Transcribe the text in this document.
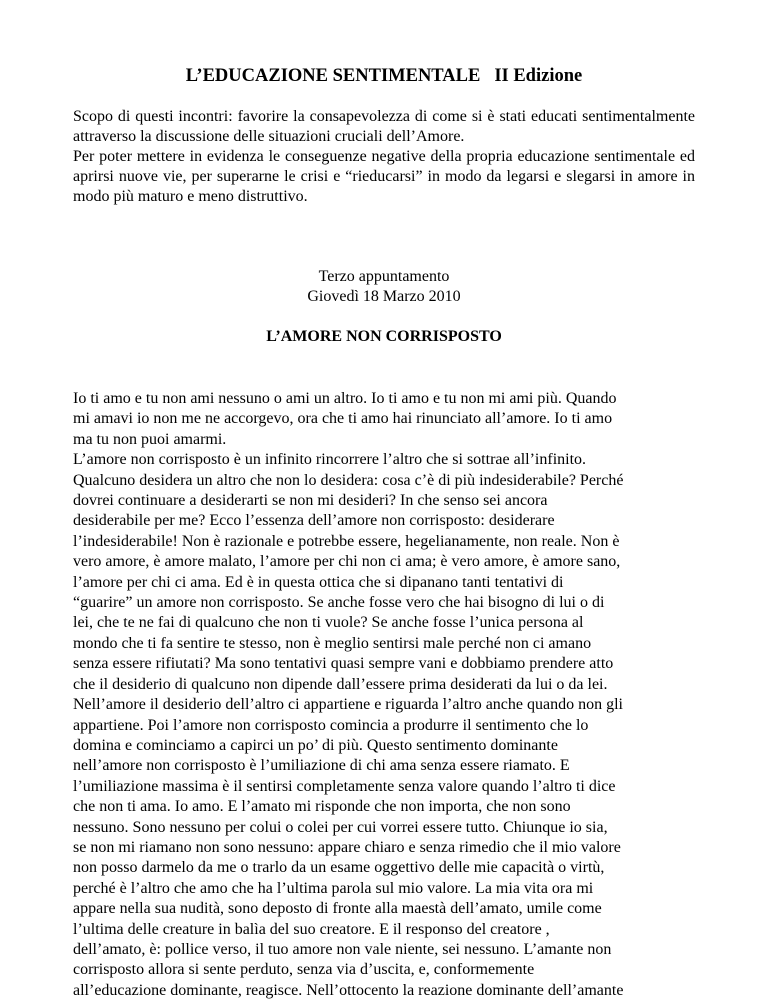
L’EDUCAZIONE SENTIMENTALE II Edizione

Scopo di questi incontri: favorire la consapevolezza di come si è stati educati sentimentalmente attraverso la discussione delle situazioni cruciali dell’Amore.

Per poter mettere in evidenza le conseguenze negative della propria educazione sentimentale ed aprirsi nuove vie, per superarne le crisi e “rieducarsi” in modo da legarsi e slegarsi in amore in modo più maturo e meno distruttivo.

Terzo appuntamento
Giovedì 18 Marzo 2010
L’AMORE NON CORRISPOSTO
Io ti amo e tu non ami nessuno o ami un altro. Io ti amo e tu non mi ami più. Quando
mi amavi io non me ne accorgevo, ora che ti amo hai rinunciato all’amore. Io ti amo
ma tu non puoi amarmi.
L’amore non corrisposto è un infinito rincorrere l’altro che si sottrae all’infinito.
Qualcuno desidera un altro che non lo desidera: cosa c’è di più indesiderabile? Perché
dovrei continuare a desiderarti se non mi desideri? In che senso sei ancora
desiderabile per me? Ecco l’essenza dell’amore non corrisposto: desiderare
l’indesiderabile! Non è razionale e potrebbe essere, hegelianamente, non reale. Non è
vero amore, è amore malato, l’amore per chi non ci ama; è vero amore, è amore sano,
l’amore per chi ci ama. Ed è in questa ottica che si dipanano tanti tentativi di
“guarire” un amore non corrisposto. Se anche fosse vero che hai bisogno di lui o di
lei, che te ne fai di qualcuno che non ti vuole? Se anche fosse l’unica persona al
mondo che ti fa sentire te stesso, non è meglio sentirsi male perché non ci amano
senza essere rifiutati? Ma sono tentativi quasi sempre vani e dobbiamo prendere atto
che il desiderio di qualcuno non dipende dall’essere prima desiderati da lui o da lei.
Nell’amore il desiderio dell’altro ci appartiene e riguarda l’altro anche quando non gli
appartiene. Poi l’amore non corrisposto comincia a produrre il sentimento che lo
domina e cominciamo a capirci un po’ di più. Questo sentimento dominante
nell’amore non corrisposto è l’umiliazione di chi ama senza essere riamato. E
l’umiliazione massima è il sentirsi completamente senza valore quando l’altro ti dice
che non ti ama. Io amo. E l’amato mi risponde che non importa, che non sono
nessuno. Sono nessuno per colui o colei per cui vorrei essere tutto. Chiunque io sia,
se non mi riamano non sono nessuno: appare chiaro e senza rimedio che il mio valore
non posso darmelo da me o trarlo da un esame oggettivo delle mie capacità o virtù,
perché è l’altro che amo che ha l’ultima parola sul mio valore. La mia vita ora mi
appare nella sua nudità, sono deposto di fronte alla maestà dell’amato, umile come
l’ultima delle creature in balìa del suo creatore. E il responso del creatore ,
dell’amato, è: pollice verso, il tuo amore non vale niente, sei nessuno. L’amante non
corrisposto allora si sente perduto, senza via d’uscita, e, conformemente
all’educazione dominante, reagisce. Nell’ottocento la reazione dominante dell’amante
